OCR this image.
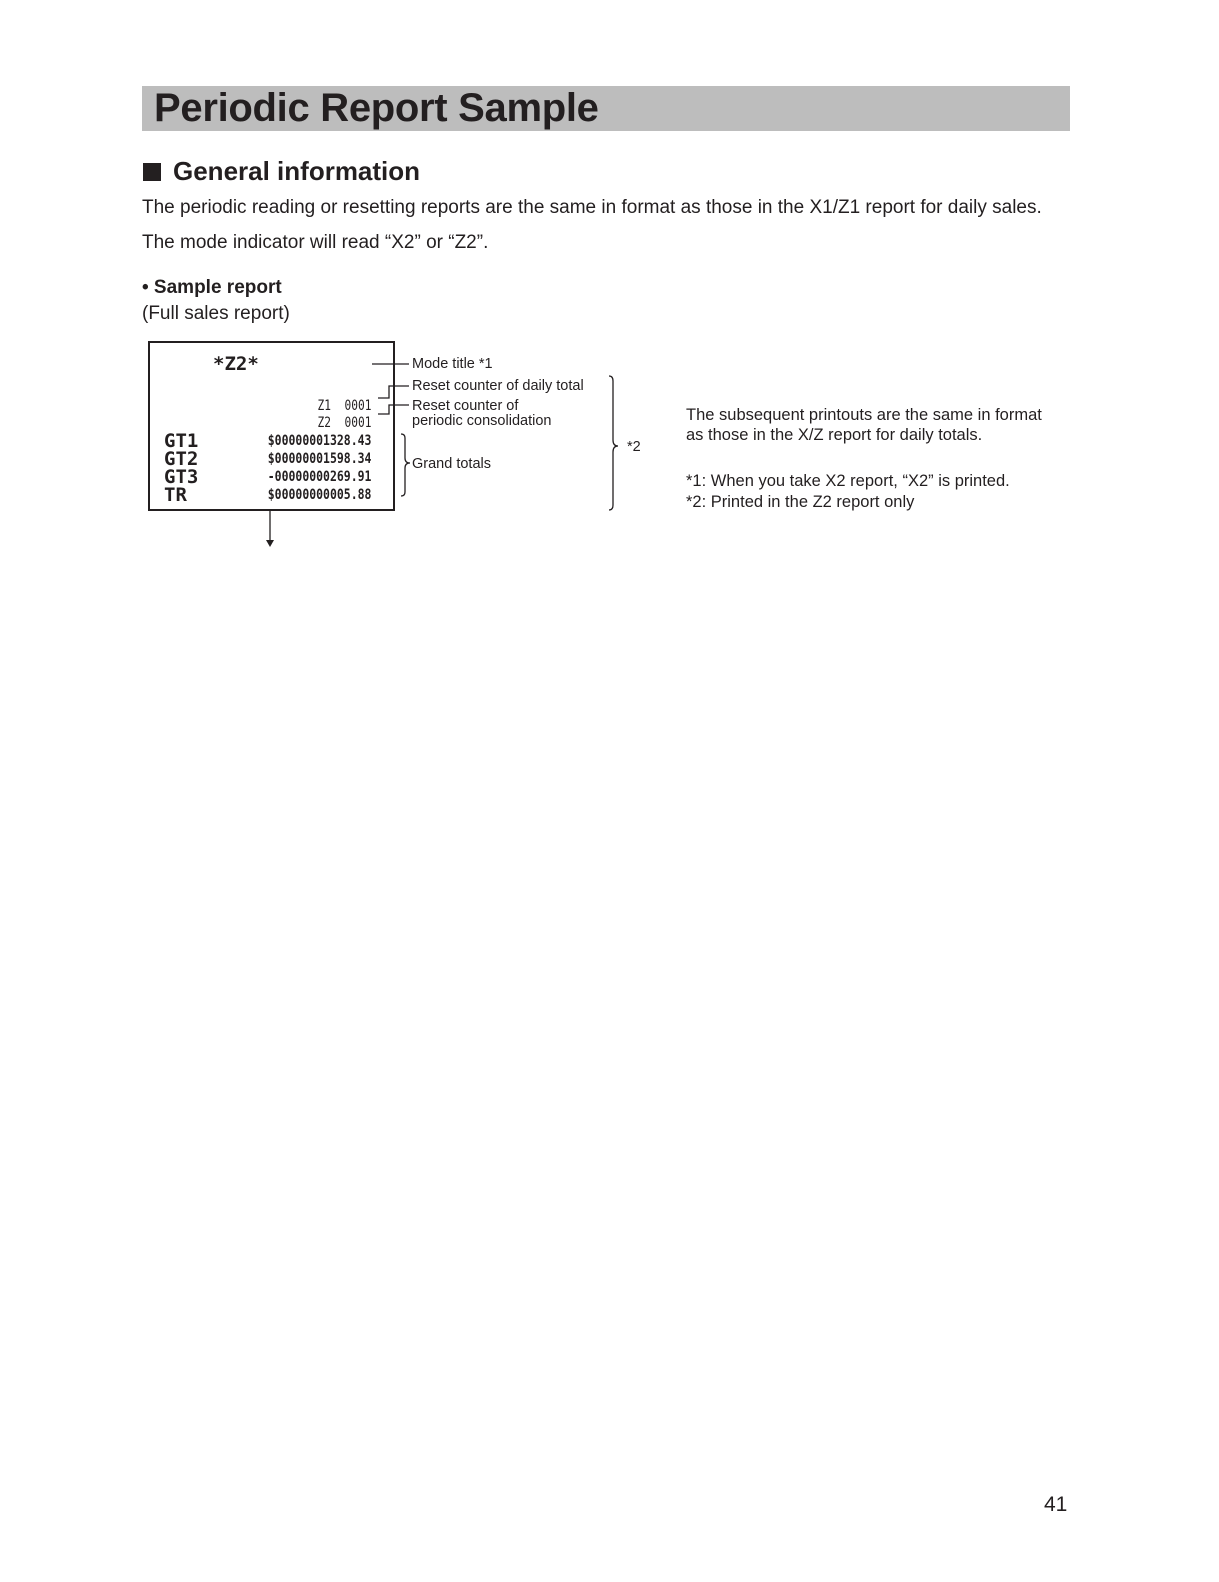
Periodic Report Sample
General information

The periodic reading or resetting reports are the same in format as those in the X1/Z1 report for daily sales.

The mode indicator will read “X2” or “Z2”.

• Sample report

(Full sales report)

*Z2*
Z1 0001
Z2 0001
GT1	$00000001328.43
GT2	$00000001598.34
GT3	-00000000269.91
TR	$00000000005.88
Mode title *1
Reset counter of daily total
Reset counter of
periodic consolidation
Grand totals
*2
The subsequent printouts are the same in format
as those in the X/Z report for daily totals.
*1: When you take X2 report, “X2” is printed.
*2: Printed in the Z2 report only
41
